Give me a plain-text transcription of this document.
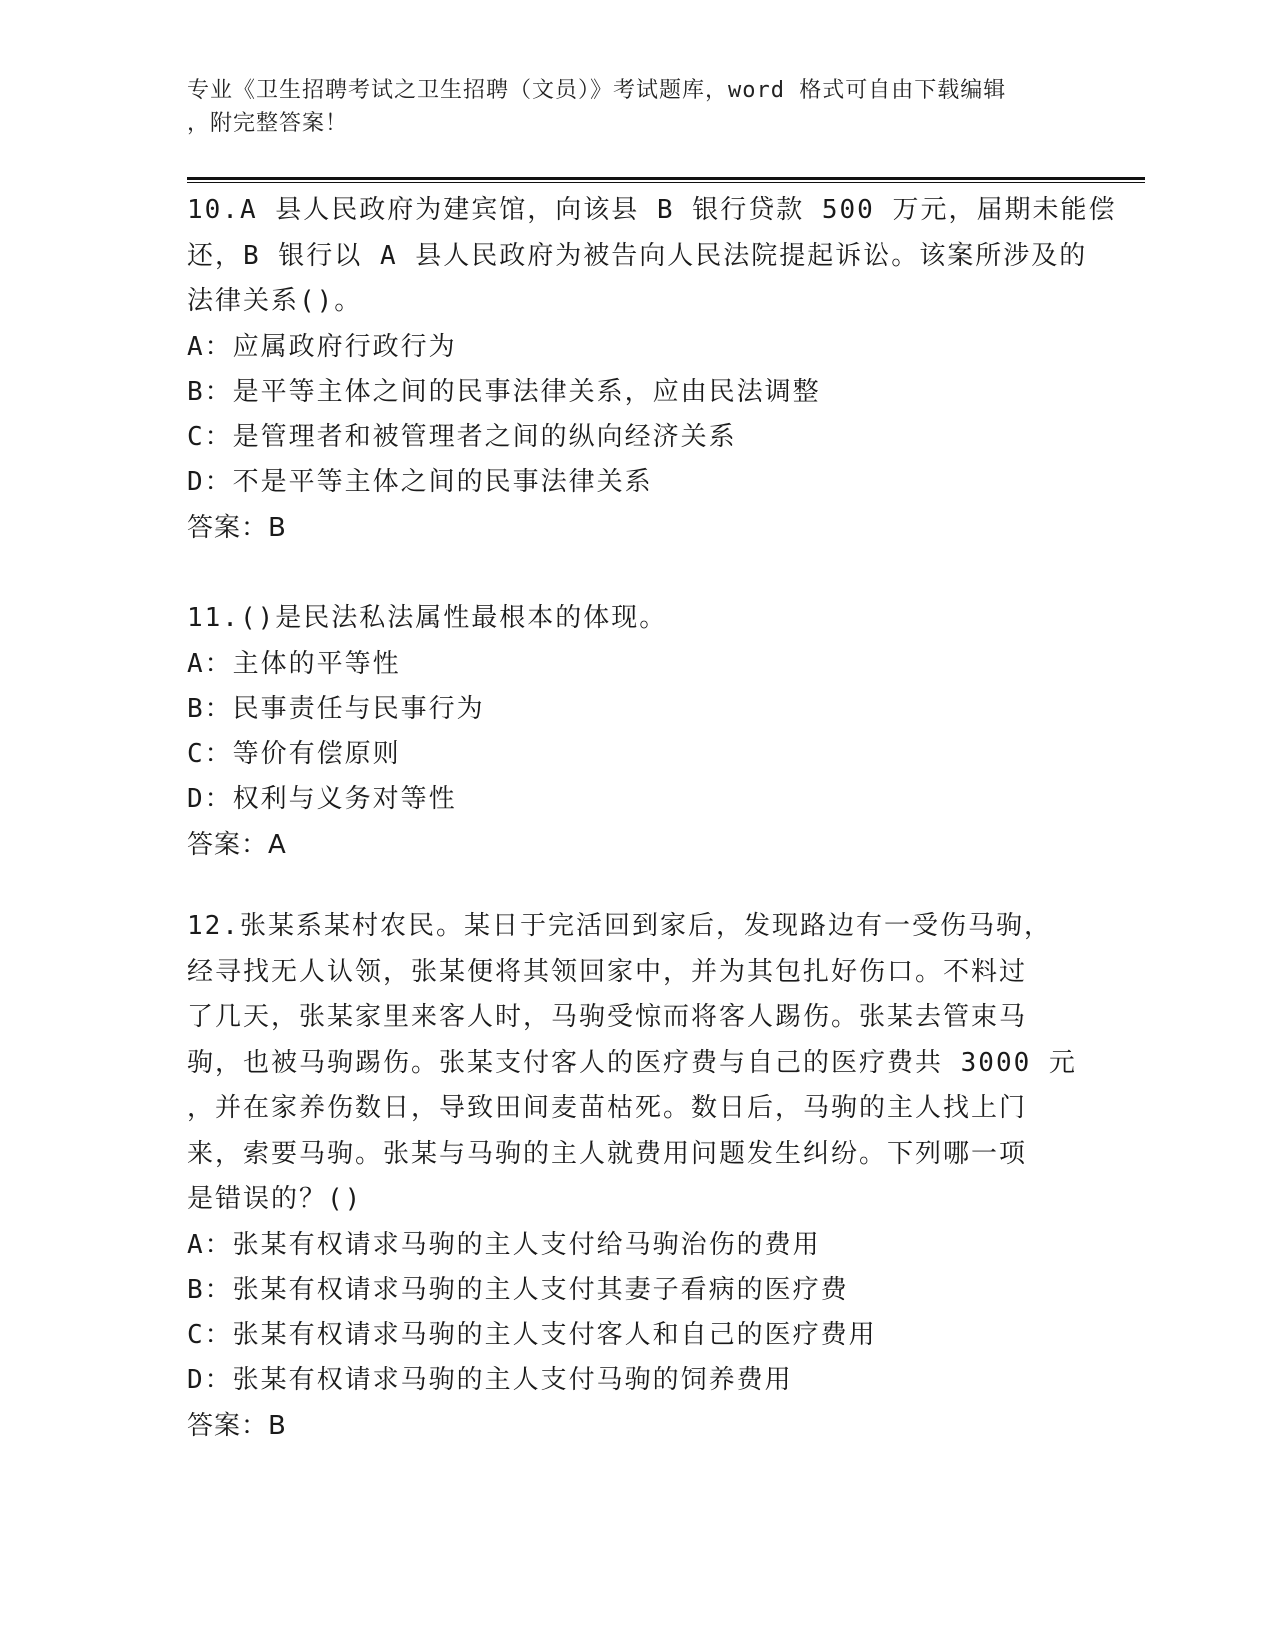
专业《卫生招聘考试之卫生招聘（文员）》考试题库，word 格式可自由下载编辑
，附完整答案！
10.A 县人民政府为建宾馆，向该县 B 银行贷款 500 万元，届期未能偿
还，B 银行以 A 县人民政府为被告向人民法院提起诉讼。该案所涉及的
法律关系()。
A：应属政府行政行为
B：是平等主体之间的民事法律关系，应由民法调整
C：是管理者和被管理者之间的纵向经济关系
D：不是平等主体之间的民事法律关系
答案：B
11.()是民法私法属性最根本的体现。
A：主体的平等性
B：民事责任与民事行为
C：等价有偿原则
D：权利与义务对等性
答案：A
12.张某系某村农民。某日于完活回到家后，发现路边有一受伤马驹，
经寻找无人认领，张某便将其领回家中，并为其包扎好伤口。不料过
了几天，张某家里来客人时，马驹受惊而将客人踢伤。张某去管束马
驹，也被马驹踢伤。张某支付客人的医疗费与自己的医疗费共 3000 元
，并在家养伤数日，导致田间麦苗枯死。数日后，马驹的主人找上门
来，索要马驹。张某与马驹的主人就费用问题发生纠纷。下列哪一项
是错误的？()
A：张某有权请求马驹的主人支付给马驹治伤的费用
B：张某有权请求马驹的主人支付其妻子看病的医疗费
C：张某有权请求马驹的主人支付客人和自己的医疗费用
D：张某有权请求马驹的主人支付马驹的饲养费用
答案：B
